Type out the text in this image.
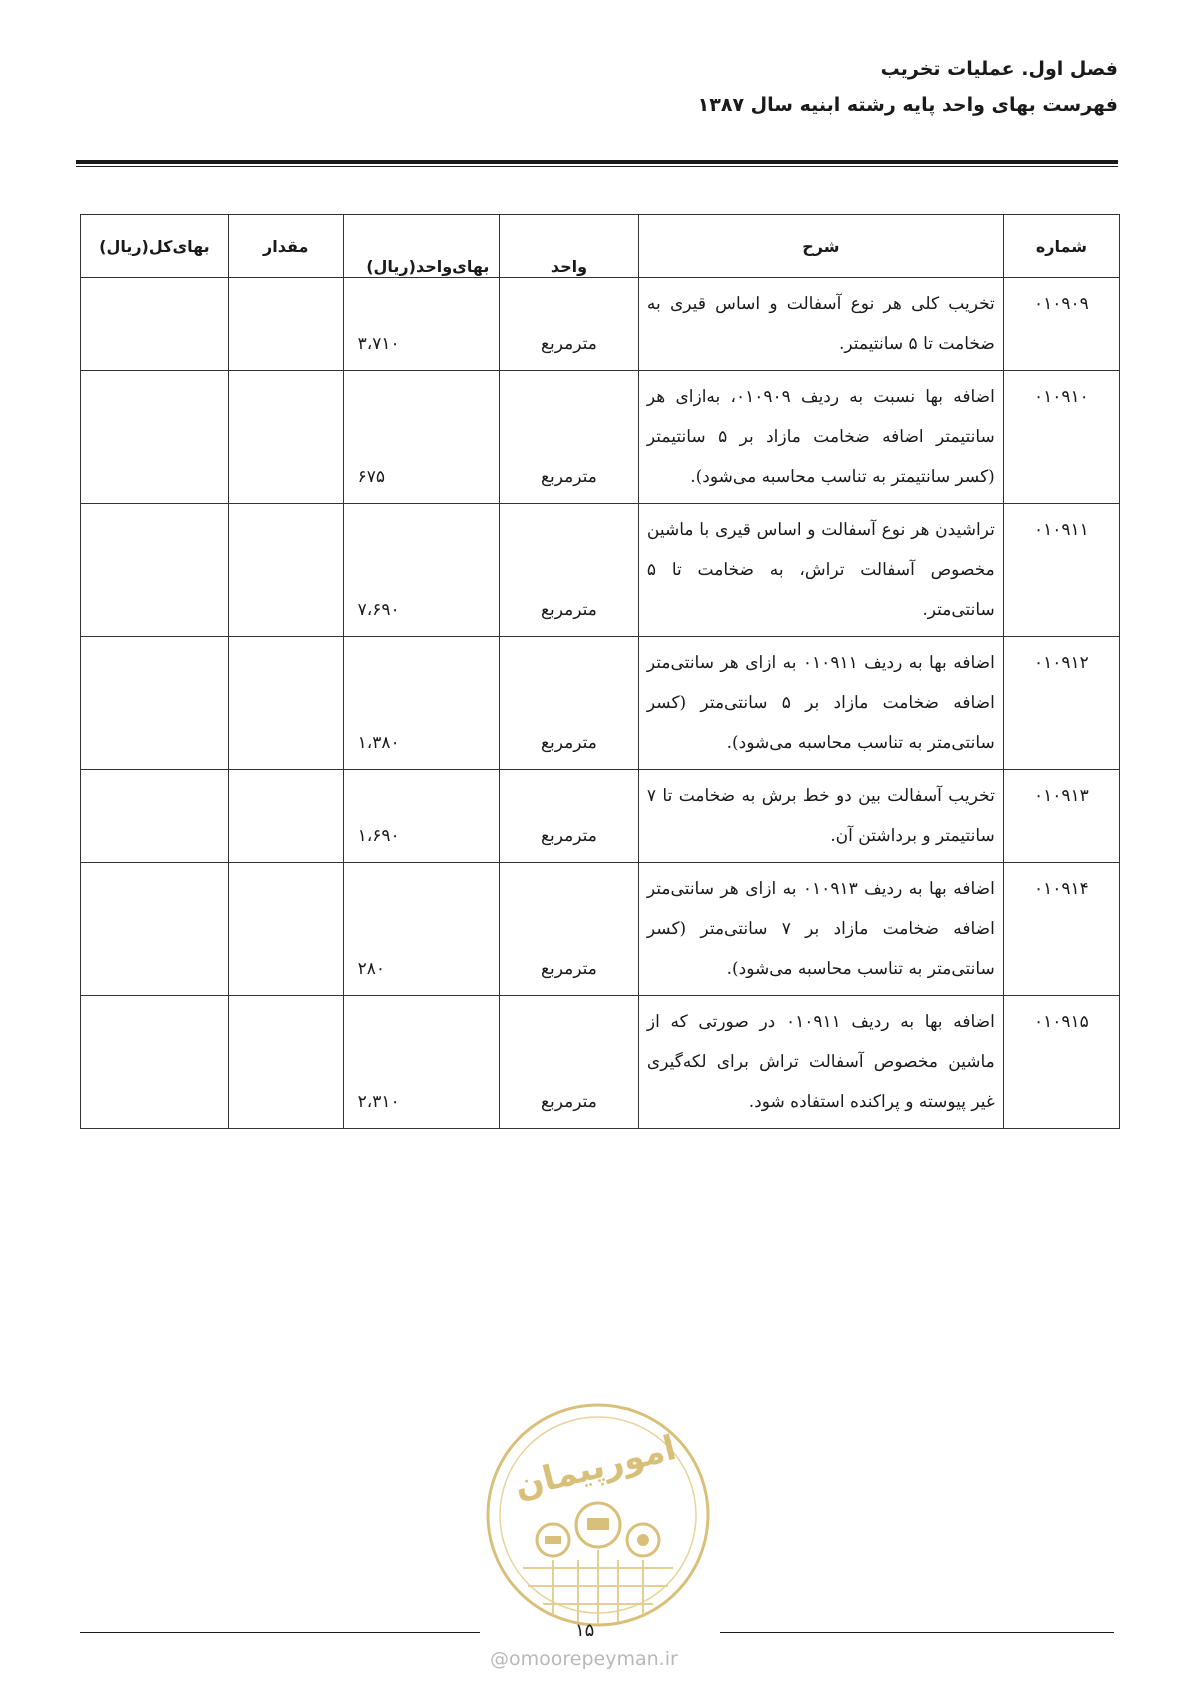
فصل اول. عملیات تخریب
فهرست بهای واحد پایه رشته ابنیه سال ۱۳۸۷
شماره	شرح	واحد	بهای‌واحد(ریال)	مقدار	بهای‌کل(ریال)
۰۱۰۹۰۹	تخریب کلی هر نوع آسفالت و اساس قیری به ضخامت تا ۵ سانتیمتر.	مترمربع	۳،۷۱۰		
۰۱۰۹۱۰	اضافه بها نسبت به ردیف ۰۱۰۹۰۹، به‌ازای هر سانتیمتر اضافه ضخامت مازاد بر ۵ سانتیمتر (کسر سانتیمتر به تناسب محاسبه می‌شود).	مترمربع	۶۷۵		
۰۱۰۹۱۱	تراشیدن هر نوع آسفالت و اساس قیری با ماشین مخصوص آسفالت تراش، به ضخامت تا ۵ سانتی‌متر.	مترمربع	۷،۶۹۰		
۰۱۰۹۱۲	اضافه بها به ردیف ۰۱۰۹۱۱ به ازای هر سانتی‌متر اضافه ضخامت مازاد بر ۵ سانتی‌متر (کسر سانتی‌متر به تناسب محاسبه می‌شود).	مترمربع	۱،۳۸۰		
۰۱۰۹۱۳	تخریب آسفالت بین دو خط برش به ضخامت تا ۷ سانتیمتر و برداشتن آن.	مترمربع	۱،۶۹۰		
۰۱۰۹۱۴	اضافه بها به ردیف ۰۱۰۹۱۳ به ازای هر سانتی‌متر اضافه ضخامت مازاد بر ۷ سانتی‌متر (کسر سانتی‌متر به تناسب محاسبه می‌شود).	مترمربع	۲۸۰		
۰۱۰۹۱۵	اضافه بها به ردیف ۰۱۰۹۱۱ در صورتی که از ماشین مخصوص آسفالت تراش برای لکه‌گیری غیر پیوسته و پراکنده استفاده شود.	مترمربع	۲،۳۱۰		
امورپیمان
۱۵
@omoorepeyman.ir
